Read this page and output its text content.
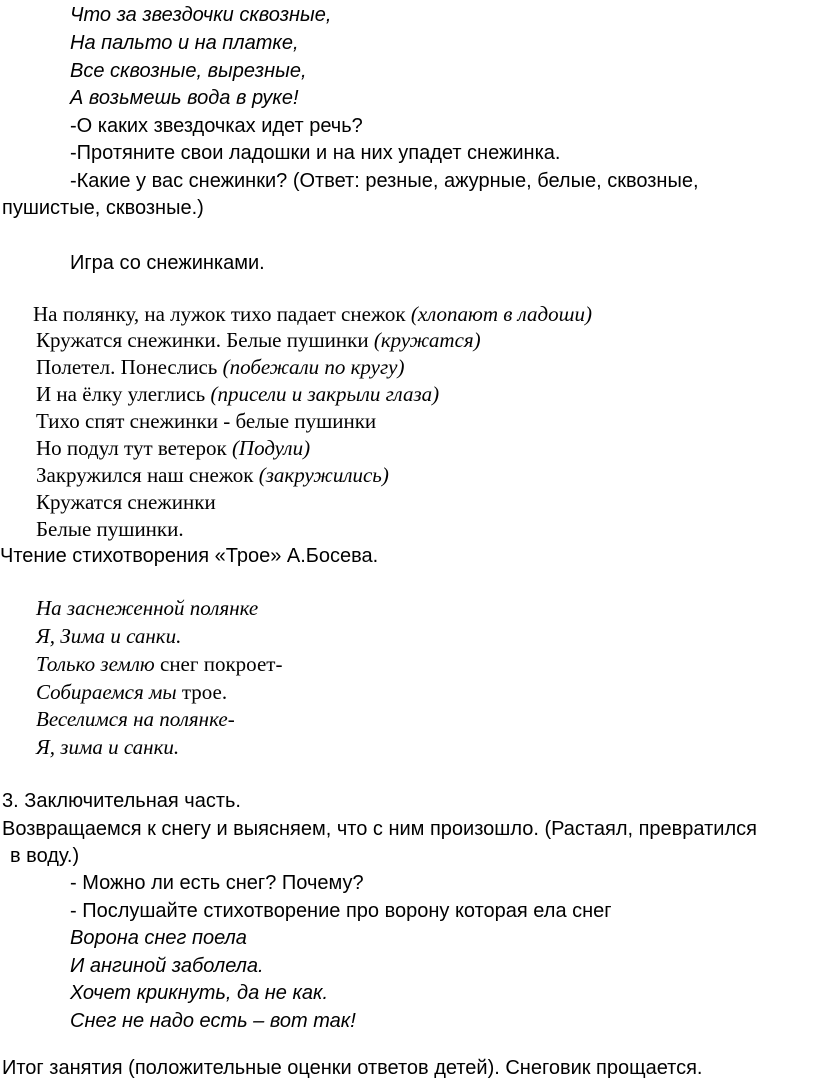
Что за звездочки сквозные,
На пальто и на платке,
Все сквозные, вырезные,
А возьмешь вода в руке!
-О каких звездочках идет речь?
-Протяните свои ладошки и на них упадет снежинка.
-Какие у вас снежинки? (Ответ: резные, ажурные, белые, сквозные,
пушистые, сквозные.)
Игра со снежинками.
На полянку, на лужок тихо падает снежок (хлопают в ладоши)
Кружатся снежинки. Белые пушинки (кружатся)
Полетел. Понеслись (побежали по кругу)
И на ёлку улеглись (присели и закрыли глаза)
Тихо спят снежинки - белые пушинки
Но подул тут ветерок (Подули)
Закружился наш снежок (закружились)
Кружатся снежинки
Белые пушинки.
Чтение стихотворения «Трое» А.Босева.
На заснеженной полянке
Я, Зима и санки.
Только землю снег покроет-
Собираемся мы трое.
Веселимся на полянке-
Я, зима и санки.
3. Заключительная часть.
Возвращаемся к снегу и выясняем, что с ним произошло. (Растаял, превратился
в воду.)
- Можно ли есть снег? Почему?
- Послушайте стихотворение про ворону которая ела снег
Ворона снег поела
И ангиной заболела.
Хочет крикнуть, да не как.
Снег не надо есть – вот так!
Итог занятия (положительные оценки ответов детей). Снеговик прощается.
